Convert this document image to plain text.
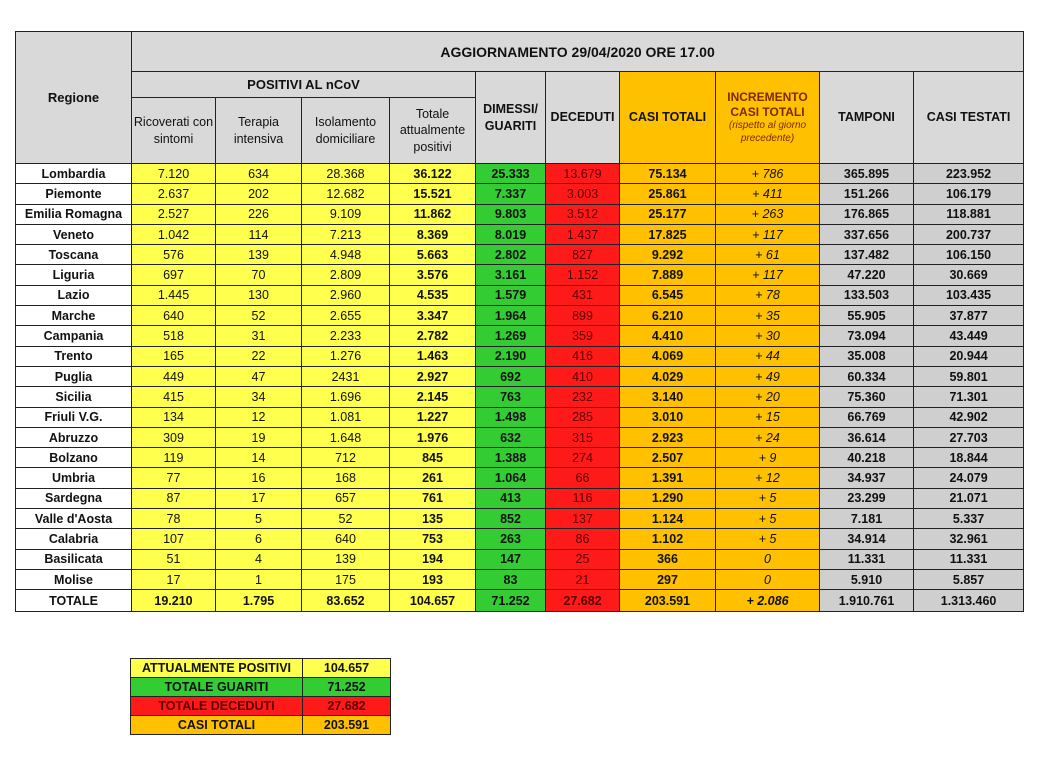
Regione	AGGIORNAMENTO 29/04/2020 ORE 17.00									
	POSITIVI AL nCoV				DIMESSI/ GUARITI	DECEDUTI	CASI TOTALI	INCREMENTO CASI TOTALI
(rispetto al giorno precedente)	TAMPONI	CASI TESTATI
	Ricoverati con sintomi	Terapia intensiva	Isolamento domiciliare	Totale attualmente positivi						
Lombardia	7.120	634	28.368	36.122	25.333	13.679	75.134	+ 786	365.895	223.952
Piemonte	2.637	202	12.682	15.521	7.337	3.003	25.861	+ 411	151.266	106.179
Emilia Romagna	2.527	226	9.109	11.862	9.803	3.512	25.177	+ 263	176.865	118.881
Veneto	1.042	114	7.213	8.369	8.019	1.437	17.825	+ 117	337.656	200.737
Toscana	576	139	4.948	5.663	2.802	827	9.292	+ 61	137.482	106.150
Liguria	697	70	2.809	3.576	3.161	1.152	7.889	+ 117	47.220	30.669
Lazio	1.445	130	2.960	4.535	1.579	431	6.545	+ 78	133.503	103.435
Marche	640	52	2.655	3.347	1.964	899	6.210	+ 35	55.905	37.877
Campania	518	31	2.233	2.782	1.269	359	4.410	+ 30	73.094	43.449
Trento	165	22	1.276	1.463	2.190	416	4.069	+ 44	35.008	20.944
Puglia	449	47	2431	2.927	692	410	4.029	+ 49	60.334	59.801
Sicilia	415	34	1.696	2.145	763	232	3.140	+ 20	75.360	71.301
Friuli V.G.	134	12	1.081	1.227	1.498	285	3.010	+ 15	66.769	42.902
Abruzzo	309	19	1.648	1.976	632	315	2.923	+ 24	36.614	27.703
Bolzano	119	14	712	845	1.388	274	2.507	+ 9	40.218	18.844
Umbria	77	16	168	261	1.064	66	1.391	+ 12	34.937	24.079
Sardegna	87	17	657	761	413	116	1.290	+ 5	23.299	21.071
Valle d'Aosta	78	5	52	135	852	137	1.124	+ 5	7.181	5.337
Calabria	107	6	640	753	263	86	1.102	+ 5	34.914	32.961
Basilicata	51	4	139	194	147	25	366	0	11.331	11.331
Molise	17	1	175	193	83	21	297	0	5.910	5.857
TOTALE	19.210	1.795	83.652	104.657	71.252	27.682	203.591	+ 2.086	1.910.761	1.313.460
ATTUALMENTE POSITIVI	104.657
TOTALE GUARITI	71.252
TOTALE DECEDUTI	27.682
CASI TOTALI	203.591
